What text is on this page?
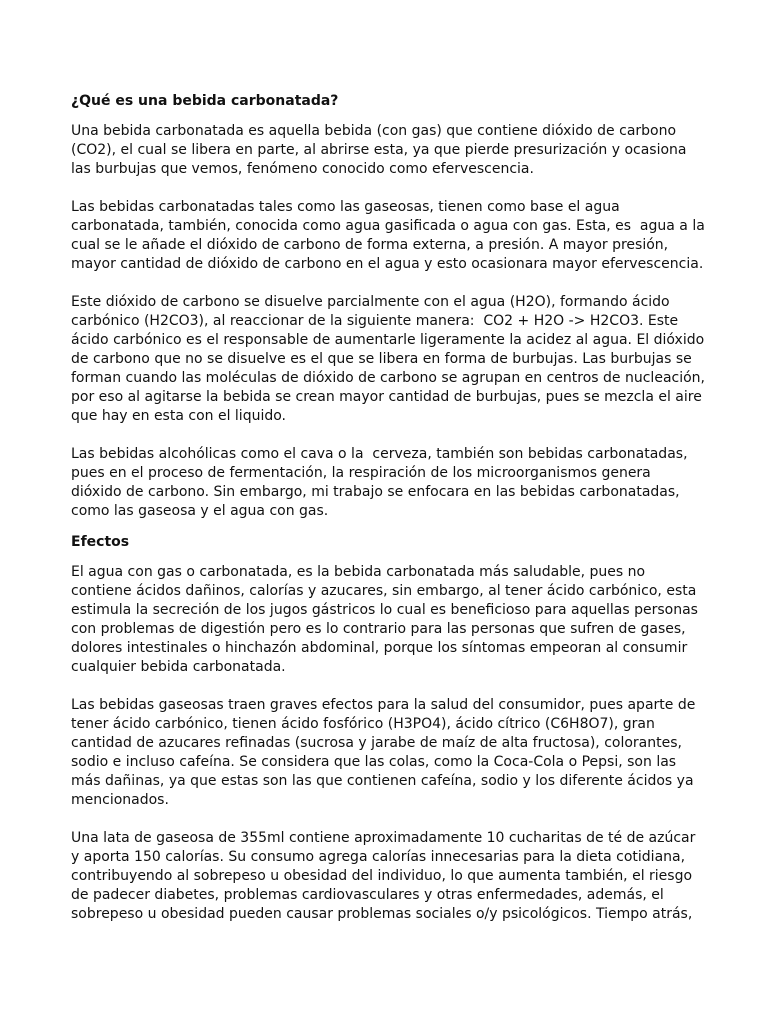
¿Qué es una bebida carbonatada?
Una bebida carbonatada es aquella bebida (con gas) que contiene dióxido de carbono
(CO2), el cual se libera en parte, al abrirse esta, ya que pierde presurización y ocasiona
las burbujas que vemos, fenómeno conocido como efervescencia.
Las bebidas carbonatadas tales como las gaseosas, tienen como base el agua
carbonatada, también, conocida como agua gasificada o agua con gas. Esta, es  agua a la
cual se le añade el dióxido de carbono de forma externa, a presión. A mayor presión,
mayor cantidad de dióxido de carbono en el agua y esto ocasionara mayor efervescencia.
Este dióxido de carbono se disuelve parcialmente con el agua (H2O), formando ácido
carbónico (H2CO3), al reaccionar de la siguiente manera:  CO2 + H2O -> H2CO3. Este
ácido carbónico es el responsable de aumentarle ligeramente la acidez al agua. El dióxido
de carbono que no se disuelve es el que se libera en forma de burbujas. Las burbujas se
forman cuando las moléculas de dióxido de carbono se agrupan en centros de nucleación,
por eso al agitarse la bebida se crean mayor cantidad de burbujas, pues se mezcla el aire
que hay en esta con el liquido.
Las bebidas alcohólicas como el cava o la  cerveza, también son bebidas carbonatadas,
pues en el proceso de fermentación, la respiración de los microorganismos genera
dióxido de carbono. Sin embargo, mi trabajo se enfocara en las bebidas carbonatadas,
como las gaseosa y el agua con gas.
Efectos
El agua con gas o carbonatada, es la bebida carbonatada más saludable, pues no
contiene ácidos dañinos, calorías y azucares, sin embargo, al tener ácido carbónico, esta
estimula la secreción de los jugos gástricos lo cual es beneficioso para aquellas personas
con problemas de digestión pero es lo contrario para las personas que sufren de gases,
dolores intestinales o hinchazón abdominal, porque los síntomas empeoran al consumir
cualquier bebida carbonatada.
Las bebidas gaseosas traen graves efectos para la salud del consumidor, pues aparte de
tener ácido carbónico, tienen ácido fosfórico (H3PO4), ácido cítrico (C6H8O7), gran
cantidad de azucares refinadas (sucrosa y jarabe de maíz de alta fructosa), colorantes,
sodio e incluso cafeína. Se considera que las colas, como la Coca-Cola o Pepsi, son las
más dañinas, ya que estas son las que contienen cafeína, sodio y los diferente ácidos ya
mencionados.
Una lata de gaseosa de 355ml contiene aproximadamente 10 cucharitas de té de azúcar
y aporta 150 calorías. Su consumo agrega calorías innecesarias para la dieta cotidiana,
contribuyendo al sobrepeso u obesidad del individuo, lo que aumenta también, el riesgo
de padecer diabetes, problemas cardiovasculares y otras enfermedades, además, el
sobrepeso u obesidad pueden causar problemas sociales o/y psicológicos. Tiempo atrás,
